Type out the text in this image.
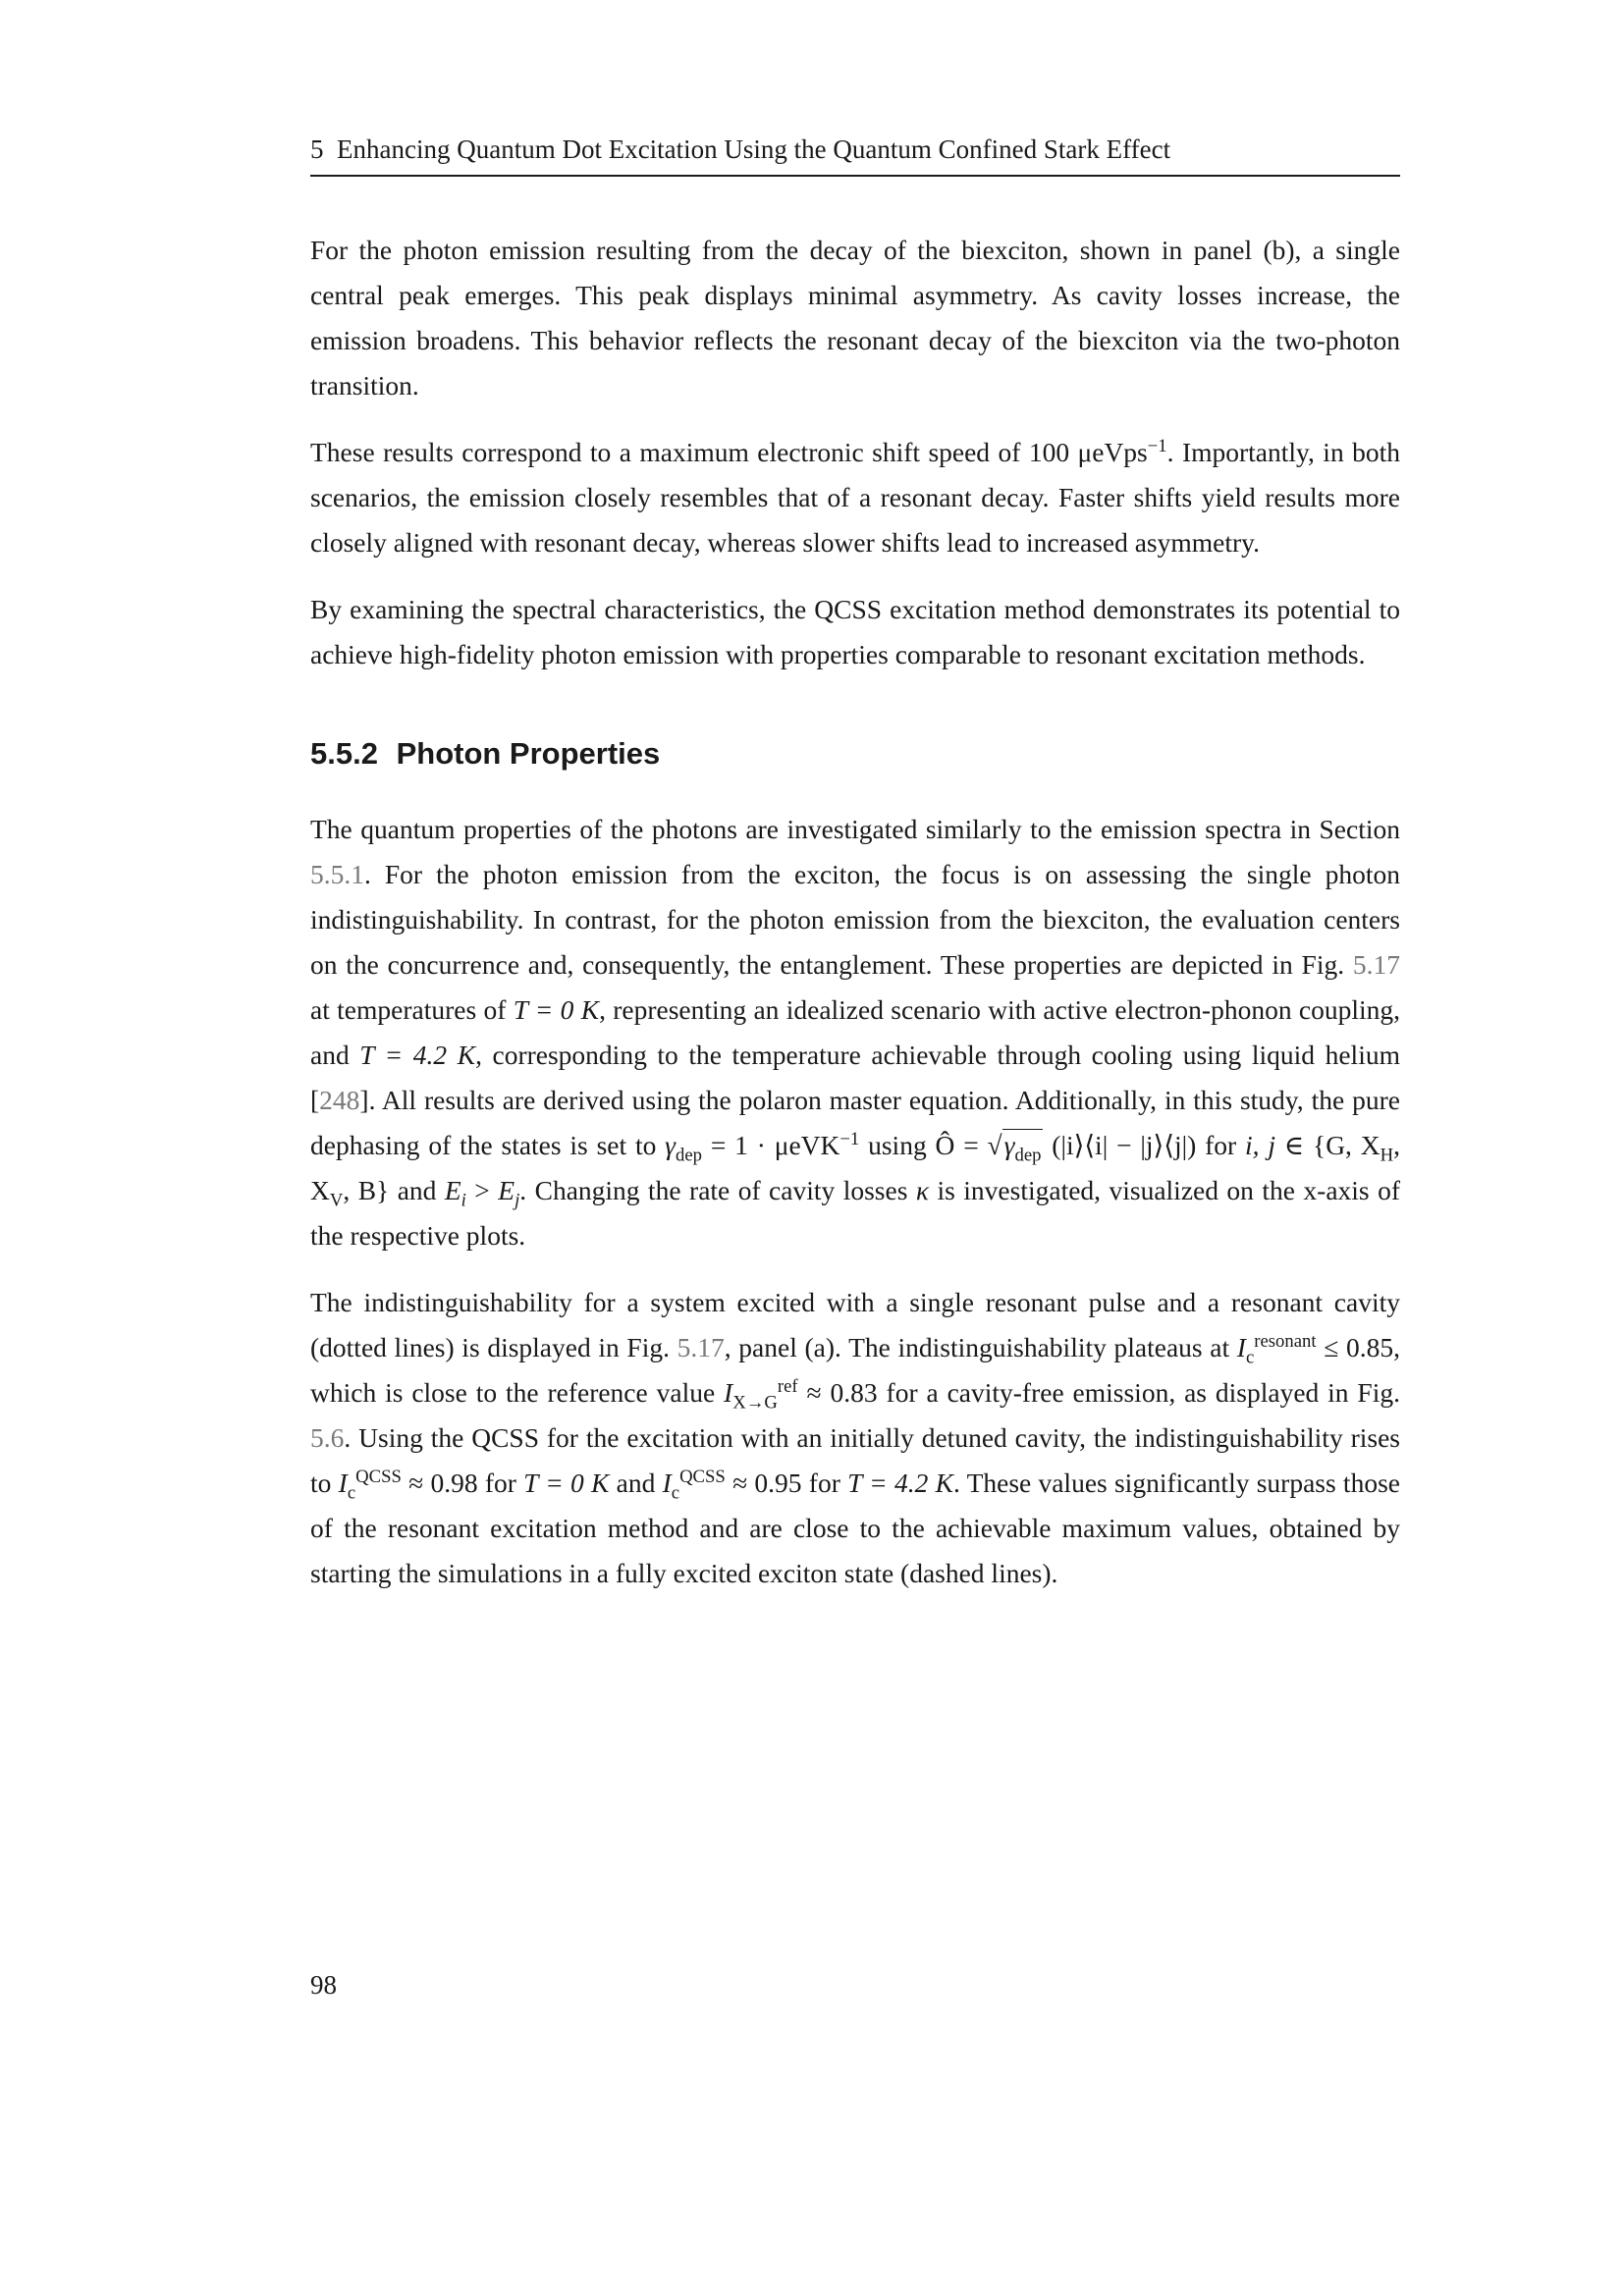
5 Enhancing Quantum Dot Excitation Using the Quantum Confined Stark Effect

For the photon emission resulting from the decay of the biexciton, shown in panel (b), a single central peak emerges. This peak displays minimal asymmetry. As cavity losses increase, the emission broadens. This behavior reflects the resonant decay of the biexciton via the two-photon transition.

These results correspond to a maximum electronic shift speed of 100 μeVps$^{-1}$. Importantly, in both scenarios, the emission closely resembles that of a resonant decay. Faster shifts yield results more closely aligned with resonant decay, whereas slower shifts lead to increased asymmetry.

By examining the spectral characteristics, the QCSS excitation method demonstrates its potential to achieve high-fidelity photon emission with properties comparable to resonant excitation methods.

5.5.2 Photon Properties

The quantum properties of the photons are investigated similarly to the emission spectra in Section 5.5.1. For the photon emission from the exciton, the focus is on assessing the single photon indistinguishability. In contrast, for the photon emission from the biexciton, the evaluation centers on the concurrence and, consequently, the entanglement. These properties are depicted in Fig. 5.17 at temperatures of T = 0 K, representing an idealized scenario with active electron-phonon coupling, and T = 4.2 K, corresponding to the temperature achievable through cooling using liquid helium [248]. All results are derived using the polaron master equation. Additionally, in this study, the pure dephasing of the states is set to $\gamma_{dep} = 1 \cdot \mu eVK^{-1}$ using Ô = $√\gamma_{dep}$ (|i⟩⟨i| − |j⟩⟨j|) for i, j ∈ {G, $X_H$, $X_V$, B} and $E_i > E_j$. Changing the rate of cavity losses κ is investigated, visualized on the x-axis of the respective plots.

The indistinguishability for a system excited with a single resonant pulse and a resonant cavity (dotted lines) is displayed in Fig. 5.17, panel (a). The indistinguishability plateaus at $I_c^{resonant} \le 0.85$, which is close to the reference value $I_{X\to G}^{ref} \approx 0.83$ for a cavity-free emission, as displayed in Fig. 5.6. Using the QCSS for the excitation with an initially detuned cavity, the indistinguishability rises to $I_c^{QCSS} \approx 0.98$ for T = 0 K and $I_c^{QCSS} \approx 0.95$ for T = 4.2 K. These values significantly surpass those of the resonant excitation method and are close to the achievable maximum values, obtained by starting the simulations in a fully excited exciton state (dashed lines).

98
